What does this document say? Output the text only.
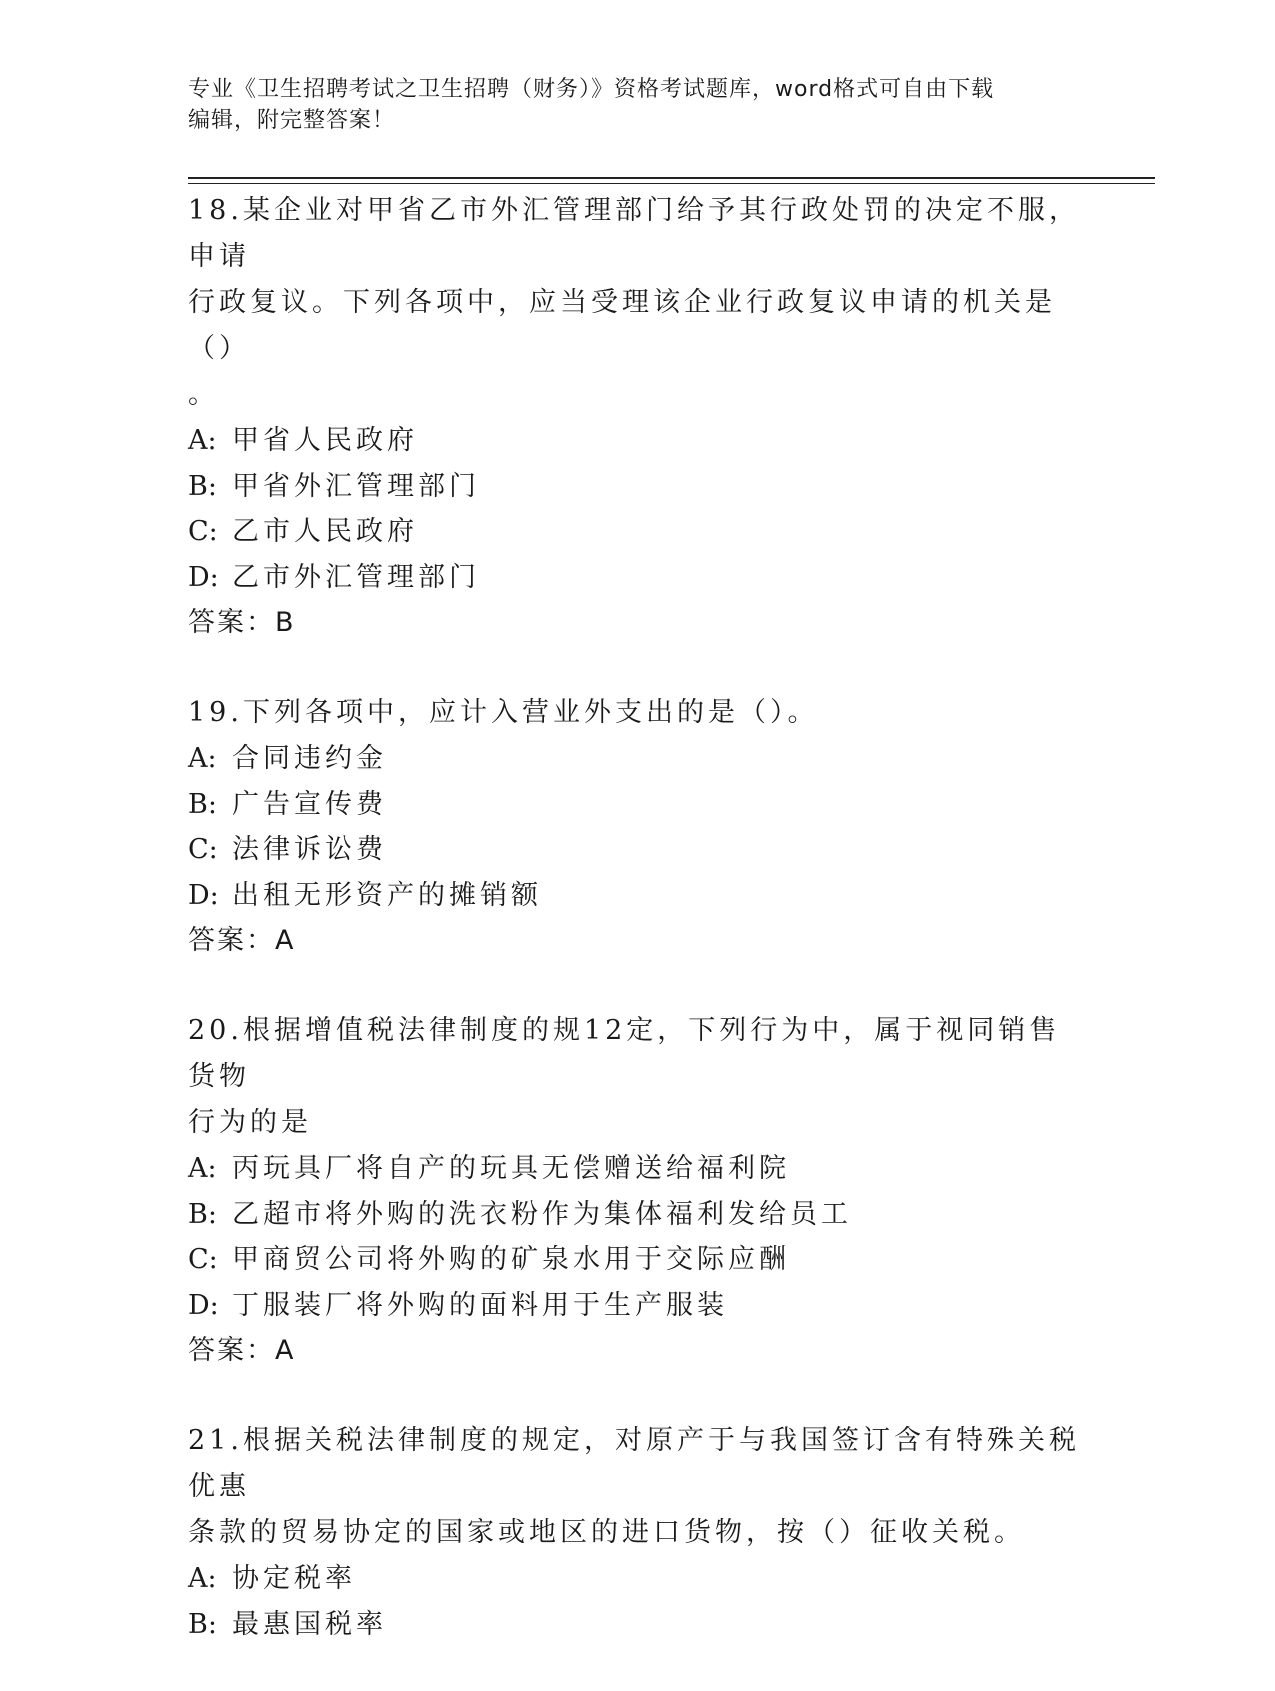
专业《卫生招聘考试之卫生招聘（财务）》资格考试题库，word格式可自由下载
编辑，附完整答案！

18.某企业对甲省乙市外汇管理部门给予其行政处罚的决定不服，申请

行政复议。下列各项中，应当受理该企业行政复议申请的机关是（）

。

A: 甲省人民政府
B: 甲省外汇管理部门
C: 乙市人民政府
D: 乙市外汇管理部门

答案：B

19.下列各项中，应计入营业外支出的是（）。

A: 合同违约金
B: 广告宣传费
C: 法律诉讼费
D: 出租无形资产的摊销额

答案：A

20.根据增值税法律制度的规12定，下列行为中，属于视同销售货物

行为的是

A: 丙玩具厂将自产的玩具无偿赠送给福利院
B: 乙超市将外购的洗衣粉作为集体福利发给员工
C: 甲商贸公司将外购的矿泉水用于交际应酬
D: 丁服装厂将外购的面料用于生产服装

答案：A

21.根据关税法律制度的规定，对原产于与我国签订含有特殊关税优惠

条款的贸易协定的国家或地区的进口货物，按（）征收关税。

A: 协定税率
B: 最惠国税率
